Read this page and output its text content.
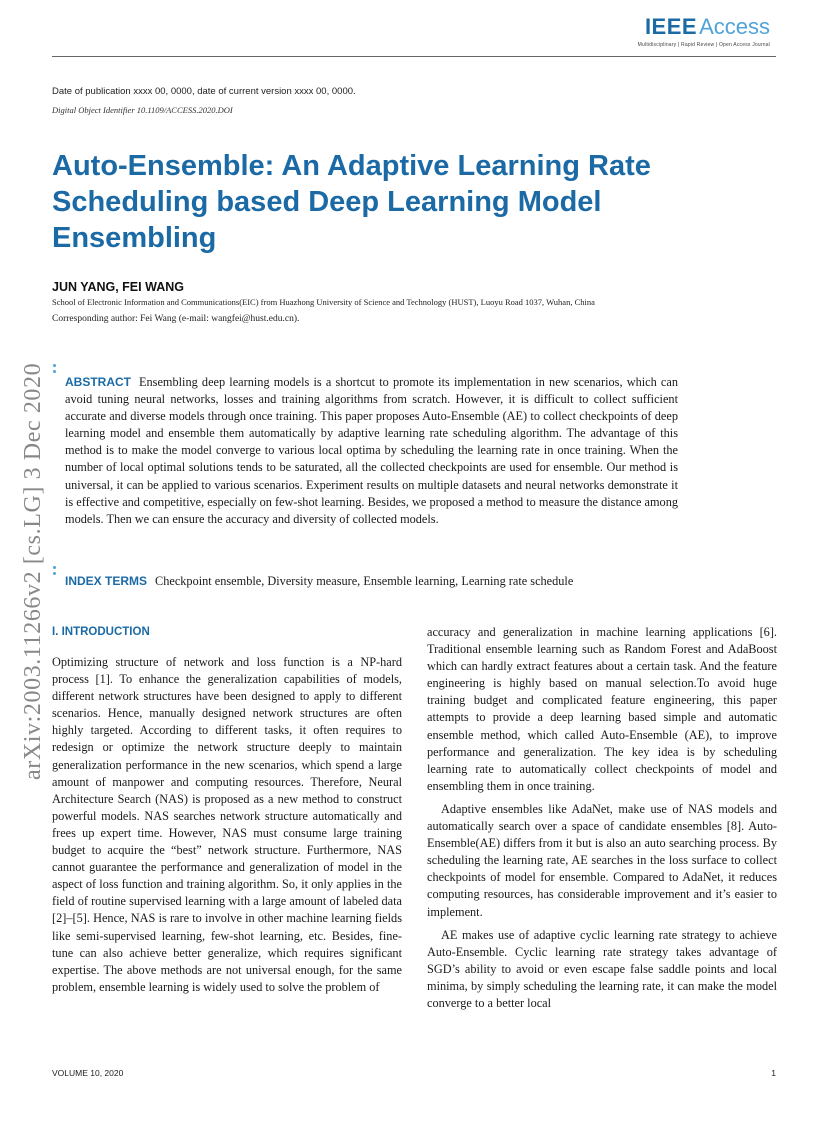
IEEEAccess
Multidisciplinary | Rapid Review | Open Access Journal
Date of publication xxxx 00, 0000, date of current version xxxx 00, 0000.
Digital Object Identifier 10.1109/ACCESS.2020.DOI
Auto-Ensemble: An Adaptive Learning Rate Scheduling based Deep Learning Model Ensembling
JUN YANG, FEI WANG
School of Electronic Information and Communications(EIC) from Huazhong University of Science and Technology (HUST), Luoyu Road 1037, Wuhan, China
Corresponding author: Fei Wang (e-mail: wangfei@hust.edu.cn).
arXiv:2003.11266v2 [cs.LG] 3 Dec 2020 ABSTRACT Ensembling deep learning models is a shortcut to promote its implementation in new scenarios, which can avoid tuning neural networks, losses and training algorithms from scratch. However, it is difficult to collect sufficient accurate and diverse models through once training. This paper proposes Auto-Ensemble (AE) to collect checkpoints of deep learning model and ensemble them automatically by adaptive learning rate scheduling algorithm. The advantage of this method is to make the model converge to various local optima by scheduling the learning rate in once training. When the number of local optimal solutions tends to be saturated, all the collected checkpoints are used for ensemble. Our method is universal, it can be applied to various scenarios. Experiment results on multiple datasets and neural networks demonstrate it is effective and competitive, especially on few-shot learning. Besides, we proposed a method to measure the distance among models. Then we can ensure the accuracy and diversity of collected models.

INDEX TERMS Checkpoint ensemble, Diversity measure, Ensemble learning, Learning rate schedule

I. INTRODUCTION

Optimizing structure of network and loss function is a NP-hard process [1]. To enhance the generalization capabilities of models, different network structures have been designed to apply to different scenarios. Hence, manually designed network structures are often highly targeted. According to different tasks, it often requires to redesign or optimize the network structure deeply to maintain generalization performance in the new scenarios, which spend a large amount of manpower and computing resources. Therefore, Neural Architecture Search (NAS) is proposed as a new method to construct powerful models. NAS searches network structure automatically and frees up expert time. However, NAS must consume large training budget to acquire the “best” network structure. Furthermore, NAS cannot guarantee the performance and generalization of model in the aspect of loss function and training algorithm. So, it only applies in the field of routine supervised learning with a large amount of labeled data [2]–[5]. Hence, NAS is rare to involve in other machine learning fields like semi-supervised learning, few-shot learning, etc. Besides, fine-tune can also achieve better generalize, which requires significant expertise. The above methods are not universal enough, for the same problem, ensemble learning is widely used to solve the problem of

accuracy and generalization in machine learning applications [6]. Traditional ensemble learning such as Random Forest and AdaBoost which can hardly extract features about a certain task. And the feature engineering is highly based on manual selection.To avoid huge training budget and complicated feature engineering, this paper attempts to provide a deep learning based simple and automatic ensemble method, which called Auto-Ensemble (AE), to improve performance and generalization. The key idea is by scheduling learning rate to automatically collect checkpoints of model and ensembling them in once training.

Adaptive ensembles like AdaNet, make use of NAS models and automatically search over a space of candidate ensembles [8]. Auto-Ensemble(AE) differs from it but is also an auto searching process. By scheduling the learning rate, AE searches in the loss surface to collect checkpoints of model for ensemble. Compared to AdaNet, it reduces computing resources, has considerable improvement and it’s easier to implement.

AE makes use of adaptive cyclic learning rate strategy to achieve Auto-Ensemble. Cyclic learning rate strategy takes advantage of SGD’s ability to avoid or even escape false saddle points and local minima, by simply scheduling the learning rate, it can make the model converge to a better local

VOLUME 10, 2020	1
